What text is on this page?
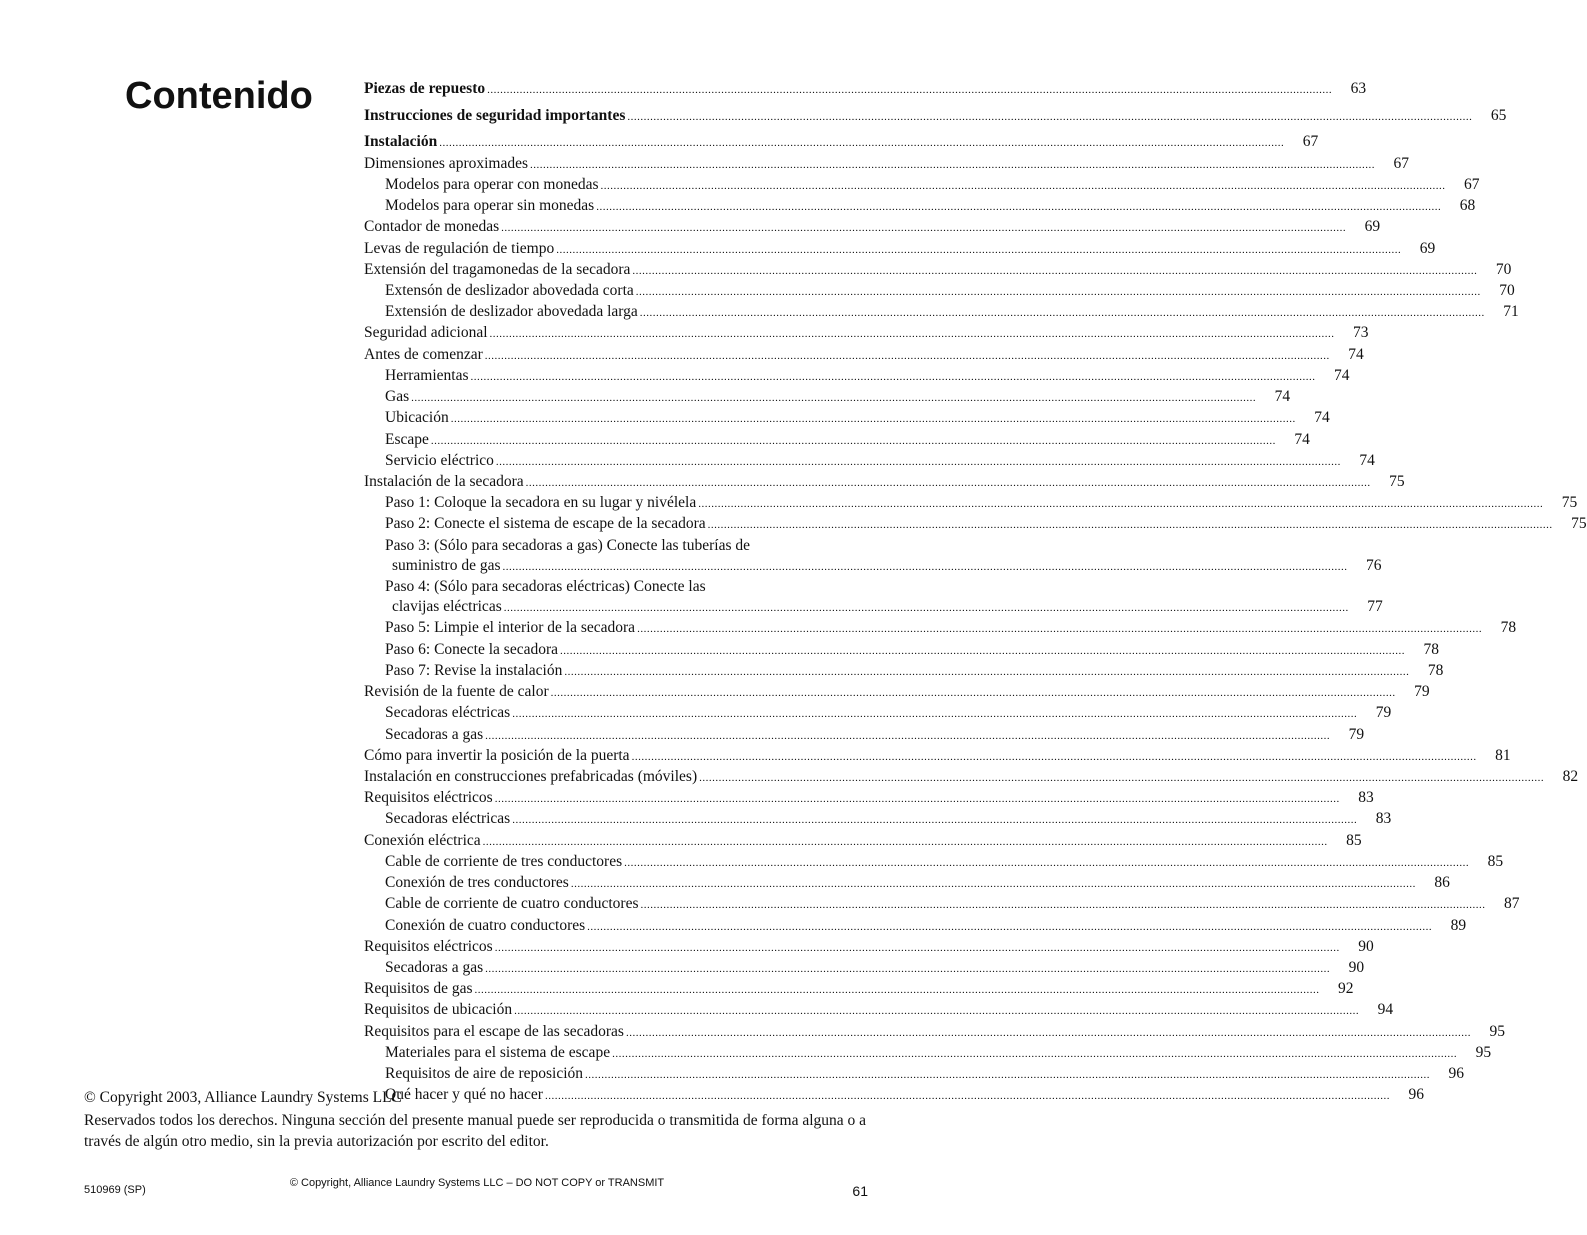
Contenido	Piezas de repuesto ....................................................................................................................................................................................................................................................................	63
Instrucciones de seguridad importantes ....................................................................................................................................................................................................................................................................	65
Instalación ....................................................................................................................................................................................................................................................................	67
Dimensiones aproximades ....................................................................................................................................................................................................................................................................	67
Modelos para operar con monedas ....................................................................................................................................................................................................................................................................	67
Modelos para operar sin monedas ....................................................................................................................................................................................................................................................................	68
Contador de monedas ....................................................................................................................................................................................................................................................................	69
Levas de regulación de tiempo ....................................................................................................................................................................................................................................................................	69
Extensión del tragamonedas de la secadora ....................................................................................................................................................................................................................................................................	70
Extensón de deslizador abovedada corta ....................................................................................................................................................................................................................................................................	70
Extensión de deslizador abovedada larga ....................................................................................................................................................................................................................................................................	71
Seguridad adicional ....................................................................................................................................................................................................................................................................	73
Antes de comenzar ....................................................................................................................................................................................................................................................................	74
Herramientas ....................................................................................................................................................................................................................................................................	74
Gas ....................................................................................................................................................................................................................................................................	74
Ubicación ....................................................................................................................................................................................................................................................................	74
Escape ....................................................................................................................................................................................................................................................................	74
Servicio eléctrico ....................................................................................................................................................................................................................................................................	74
Instalación de la secadora ....................................................................................................................................................................................................................................................................	75
Paso 1: Coloque la secadora en su lugar y nivélela ....................................................................................................................................................................................................................................................................	75
Paso 2: Conecte el sistema de escape de la secadora ....................................................................................................................................................................................................................................................................	75
Paso 3: (Sólo para secadoras a gas) Conecte las tuberías de
suministro de gas ....................................................................................................................................................................................................................................................................	76
Paso 4: (Sólo para secadoras eléctricas) Conecte las
clavijas eléctricas ....................................................................................................................................................................................................................................................................	77
Paso 5: Limpie el interior de la secadora ....................................................................................................................................................................................................................................................................	78
Paso 6: Conecte la secadora ....................................................................................................................................................................................................................................................................	78
Paso 7: Revise la instalación ....................................................................................................................................................................................................................................................................	78
Revisión de la fuente de calor ....................................................................................................................................................................................................................................................................	79
Secadoras eléctricas ....................................................................................................................................................................................................................................................................	79
Secadoras a gas ....................................................................................................................................................................................................................................................................	79
Cómo para invertir la posición de la puerta ....................................................................................................................................................................................................................................................................	81
Instalación en construcciones prefabricadas (móviles) ....................................................................................................................................................................................................................................................................	82
Requisitos eléctricos ....................................................................................................................................................................................................................................................................	83
Secadoras eléctricas ....................................................................................................................................................................................................................................................................	83
Conexión eléctrica ....................................................................................................................................................................................................................................................................	85
Cable de corriente de tres conductores ....................................................................................................................................................................................................................................................................	85
Conexión de tres conductores ....................................................................................................................................................................................................................................................................	86
Cable de corriente de cuatro conductores ....................................................................................................................................................................................................................................................................	87
Conexión de cuatro conductores ....................................................................................................................................................................................................................................................................	89
Requisitos eléctricos ....................................................................................................................................................................................................................................................................	90
Secadoras a gas ....................................................................................................................................................................................................................................................................	90
Requisitos de gas ....................................................................................................................................................................................................................................................................	92
Requisitos de ubicación ....................................................................................................................................................................................................................................................................	94
Requisitos para el escape de las secadoras ....................................................................................................................................................................................................................................................................	95
Materiales para el sistema de escape ....................................................................................................................................................................................................................................................................	95
Requisitos de aire de reposición ....................................................................................................................................................................................................................................................................	96
Qué hacer y qué no hacer ....................................................................................................................................................................................................................................................................	96

© Copyright 2003, Alliance Laundry Systems LLC

Reservados todos los derechos. Ninguna sección del presente manual puede ser reproducida o transmitida de forma alguna o a través de algún otro medio, sin la previa autorización por escrito del editor.

510969 (SP)
© Copyright, Alliance Laundry Systems LLC – DO NOT COPY or TRANSMIT	61
